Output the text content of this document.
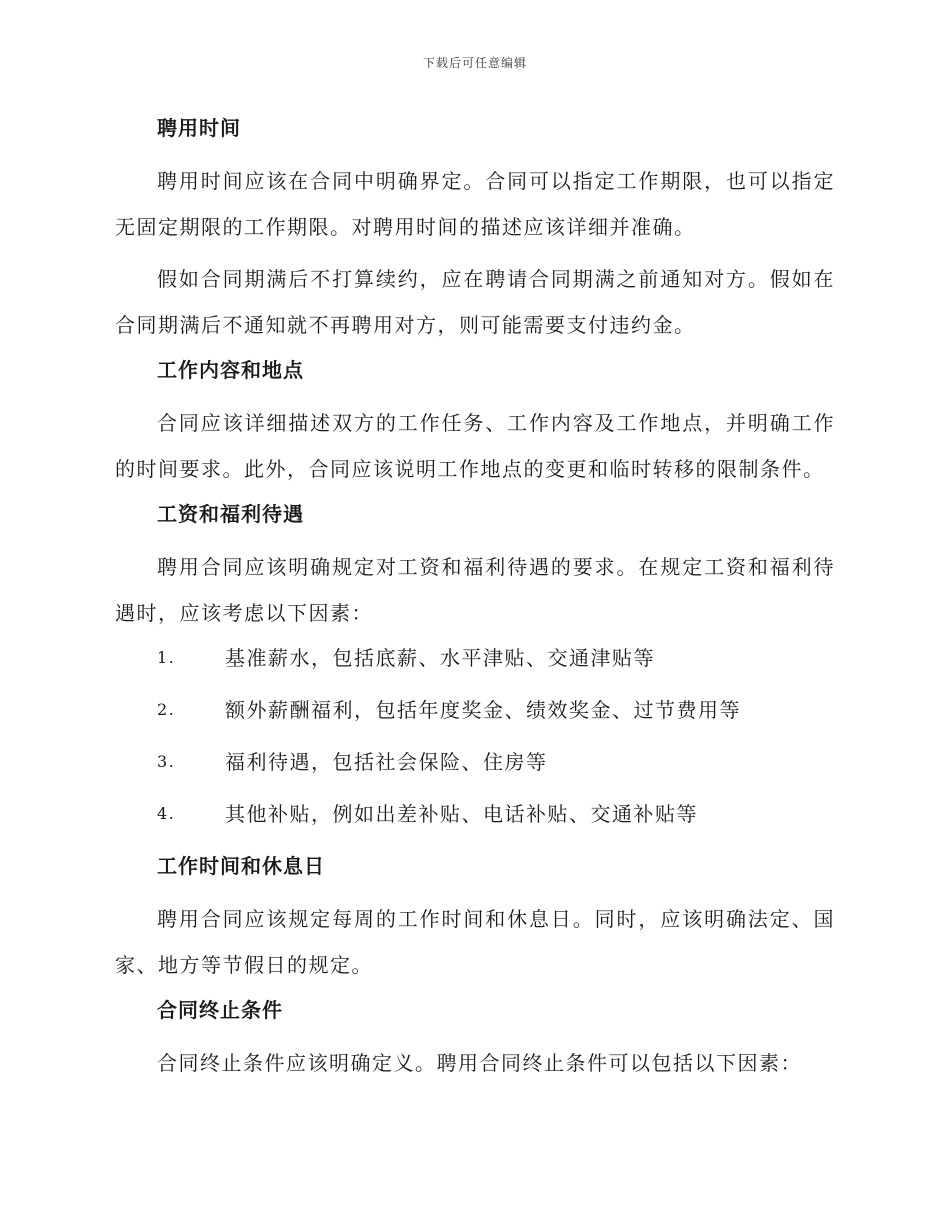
下载后可任意编辑
聘用时间

聘用时间应该在合同中明确界定。合同可以指定工作期限，也可以指定无固定期限的工作期限。对聘用时间的描述应该详细并准确。

假如合同期满后不打算续约，应在聘请合同期满之前通知对方。假如在合同期满后不通知就不再聘用对方，则可能需要支付违约金。

工作内容和地点

合同应该详细描述双方的工作任务、工作内容及工作地点，并明确工作的时间要求。此外，合同应该说明工作地点的变更和临时转移的限制条件。

工资和福利待遇

聘用合同应该明确规定对工资和福利待遇的要求。在规定工资和福利待遇时，应该考虑以下因素：

1.	基准薪水，包括底薪、水平津贴、交通津贴等
2.	额外薪酬福利，包括年度奖金、绩效奖金、过节费用等
3.	福利待遇，包括社会保险、住房等
4.	其他补贴，例如出差补贴、电话补贴、交通补贴等
工作时间和休息日

聘用合同应该规定每周的工作时间和休息日。同时，应该明确法定、国家、地方等节假日的规定。

合同终止条件

合同终止条件应该明确定义。聘用合同终止条件可以包括以下因素：
